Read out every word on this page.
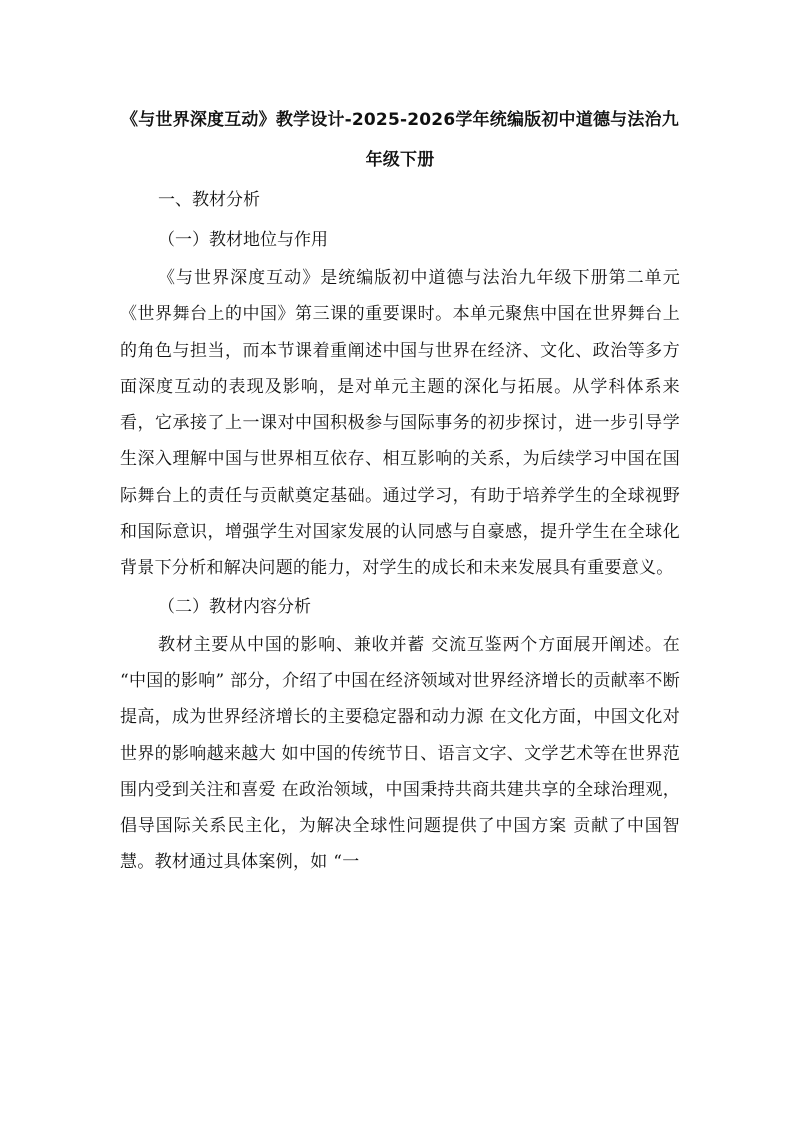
《与世界深度互动》教学设计-2025-2026学年统编版初中道德与法治九年级下册

一、教材分析

（一）教材地位与作用

《与世界深度互动》是统编版初中道德与法治九年级下册第二单元《世界舞台上的中国》第三课的重要课时。本单元聚焦中国在世界舞台上的角色与担当，而本节课着重阐述中国与世界在经济、文化、政治等多方面深度互动的表现及影响，是对单元主题的深化与拓展。从学科体系来看，它承接了上一课对中国积极参与国际事务的初步探讨，进一步引导学生深入理解中国与世界相互依存、相互影响的关系，为后续学习中国在国际舞台上的责任与贡献奠定基础。通过学习，有助于培养学生的全球视野和国际意识，增强学生对国家发展的认同感与自豪感，提升学生在全球化背景下分析和解决问题的能力，对学生的成长和未来发展具有重要意义。

（二）教材内容分析

教材主要从中国的影响、兼收并蓄 交流互鉴两个方面展开阐述。在 “中国的影响” 部分，介绍了中国在经济领域对世界经济增长的贡献率不断提高，成为世界经济增长的主要稳定器和动力源 在文化方面，中国文化对世界的影响越来越大 如中国的传统节日、语言文字、文学艺术等在世界范围内受到关注和喜爱 在政治领域，中国秉持共商共建共享的全球治理观，倡导国际关系民主化，为解决全球性问题提供了中国方案 贡献了中国智慧。教材通过具体案例，如 “一
